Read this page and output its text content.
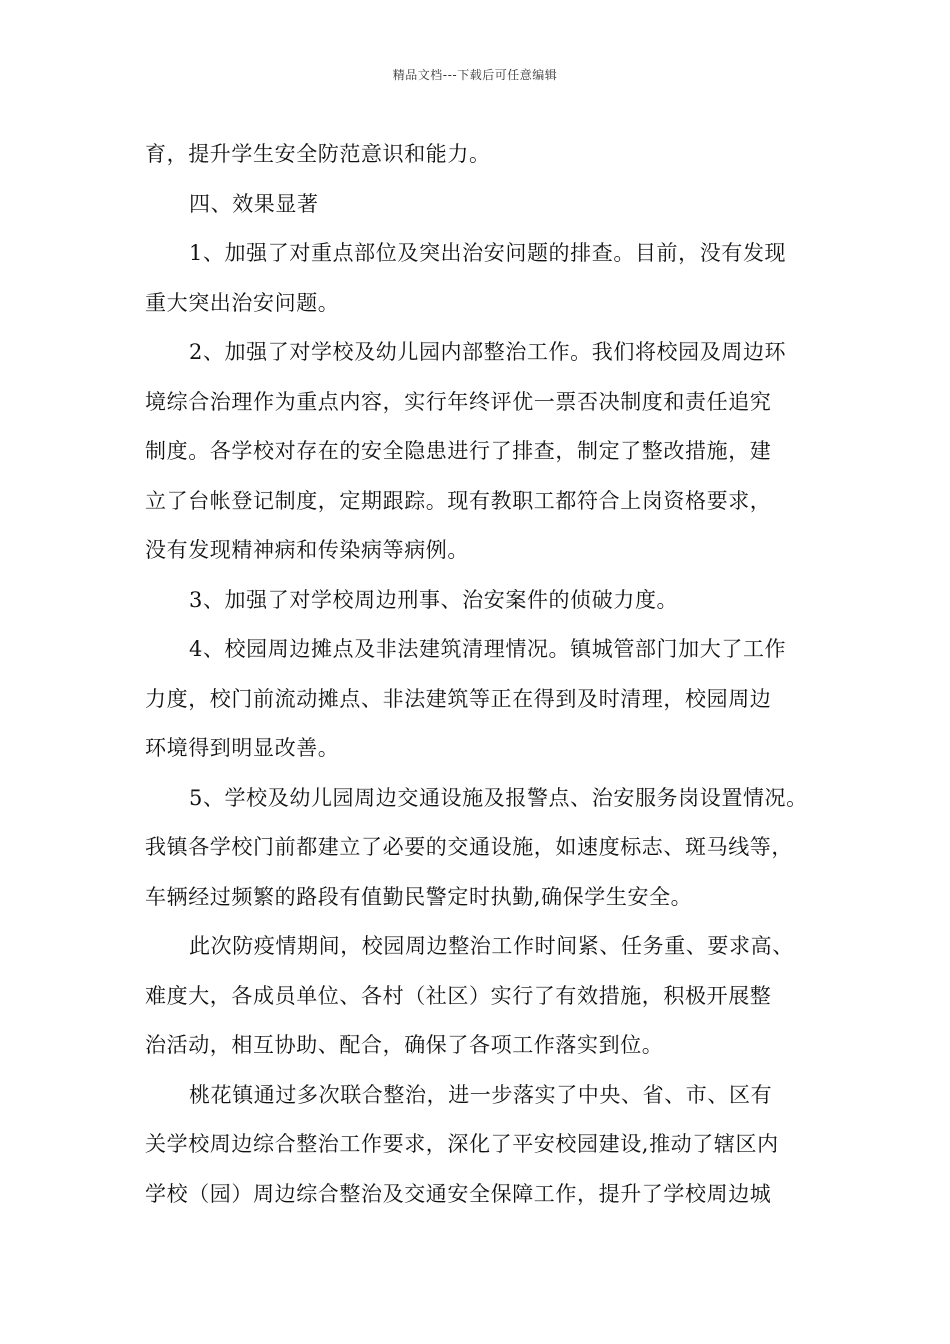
精品文档---下载后可任意编辑
育，提升学生安全防范意识和能力。
四、效果显著
1、加强了对重点部位及突出治安问题的排查。目前，没有发现
重大突出治安问题。
2、加强了对学校及幼儿园内部整治工作。我们将校园及周边环
境综合治理作为重点内容，实行年终评优一票否决制度和责任追究
制度。各学校对存在的安全隐患进行了排查，制定了整改措施，建
立了台帐登记制度，定期跟踪。现有教职工都符合上岗资格要求，
没有发现精神病和传染病等病例。
3、加强了对学校周边刑事、治安案件的侦破力度。
4、校园周边摊点及非法建筑清理情况。镇城管部门加大了工作
力度，校门前流动摊点、非法建筑等正在得到及时清理，校园周边
环境得到明显改善。
5、学校及幼儿园周边交通设施及报警点、治安服务岗设置情况。
我镇各学校门前都建立了必要的交通设施，如速度标志、斑马线等，
车辆经过频繁的路段有值勤民警定时执勤,确保学生安全。
此次防疫情期间，校园周边整治工作时间紧、任务重、要求高、
难度大，各成员单位、各村（社区）实行了有效措施，积极开展整
治活动，相互协助、配合，确保了各项工作落实到位。
桃花镇通过多次联合整治，进一步落实了中央、省、市、区有
关学校周边综合整治工作要求，深化了平安校园建设,推动了辖区内
学校（园）周边综合整治及交通安全保障工作，提升了学校周边城
